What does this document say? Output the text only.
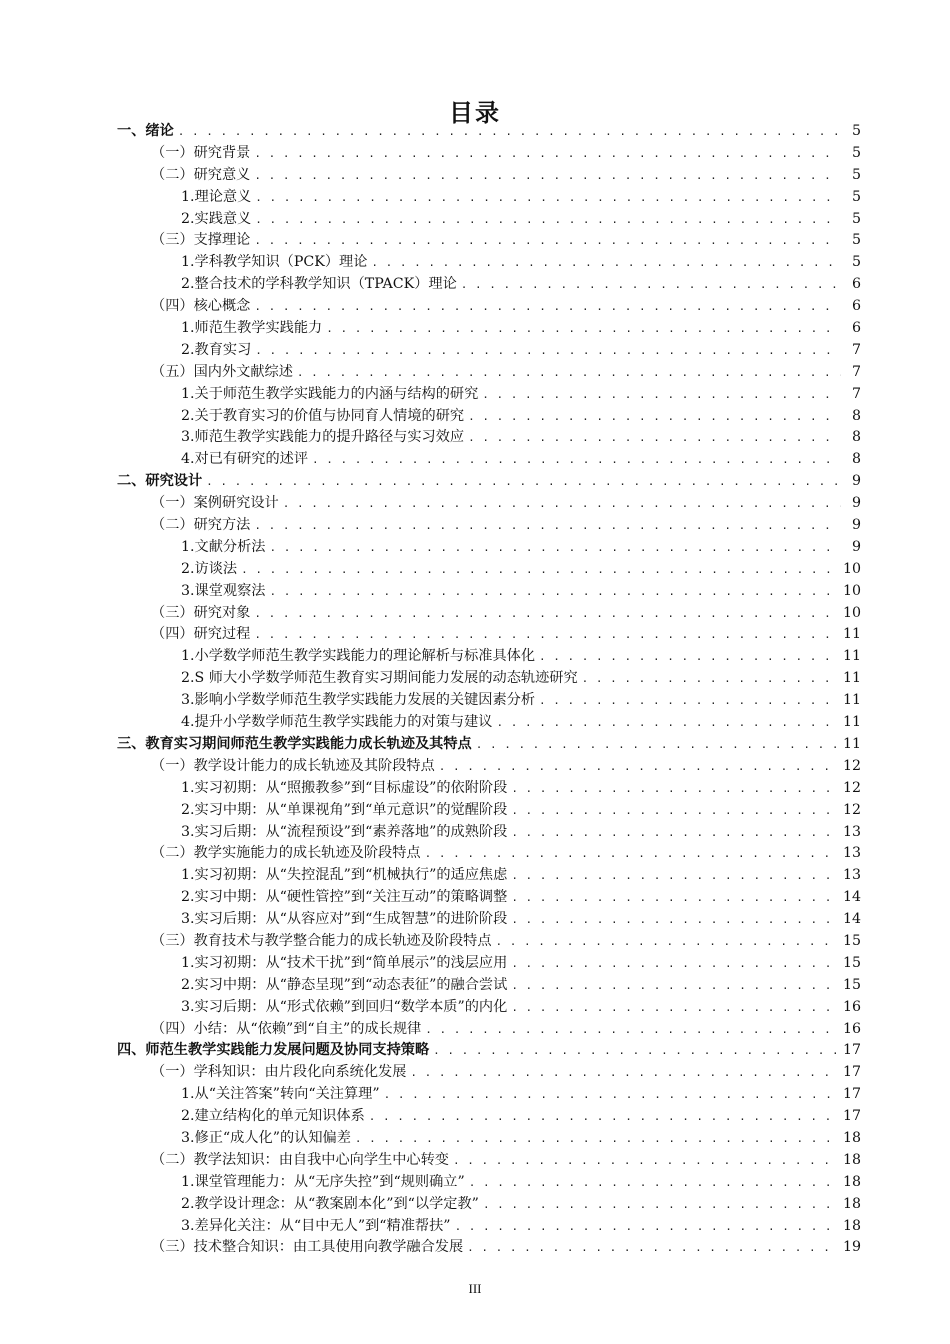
目录
一、绪论 . . .	5
（一）研究背景 . . .	5
（二）研究意义 . . .	5
1.理论意义 . . .	5
2.实践意义 . . .	5
（三）支撑理论 . . .	5
1.学科教学知识（PCK）理论 . . .	5
2.整合技术的学科教学知识（TPACK）理论 . . .	6
（四）核心概念 . . .	6
1.师范生教学实践能力 . . .	6
2.教育实习 . . .	7
（五）国内外文献综述 . . .	7
1.关于师范生教学实践能力的内涵与结构的研究 . . .	7
2.关于教育实习的价值与协同育人情境的研究 . . .	8
3.师范生教学实践能力的提升路径与实习效应 . . .	8
4.对已有研究的述评 . . .	8
二、研究设计 . . .	9
（一）案例研究设计 . . .	9
（二）研究方法 . . .	9
1.文献分析法 . . .	9
2.访谈法 . . .	10
3.课堂观察法 . . .	10
（三）研究对象 . . .	10
（四）研究过程 . . .	11
1.小学数学师范生教学实践能力的理论解析与标准具体化 . . .	11
2.S 师大小学数学师范生教育实习期间能力发展的动态轨迹研究 . . .	11
3.影响小学数学师范生教学实践能力发展的关键因素分析 . . .	11
4.提升小学数学师范生教学实践能力的对策与建议 . . .	11
三、教育实习期间师范生教学实践能力成长轨迹及其特点 . . .	11
（一）教学设计能力的成长轨迹及其阶段特点 . . .	12
1.实习初期：从“照搬教参”到“目标虚设”的依附阶段 . . .	12
2.实习中期：从“单课视角”到“单元意识”的觉醒阶段 . . .	12
3.实习后期：从“流程预设”到“素养落地”的成熟阶段 . . .	13
（二）教学实施能力的成长轨迹及阶段特点 . . .	13
1.实习初期：从“失控混乱”到“机械执行”的适应焦虑 . . .	13
2.实习中期：从“硬性管控”到“关注互动”的策略调整 . . .	14
3.实习后期：从“从容应对”到“生成智慧”的进阶阶段 . . .	14
（三）教育技术与教学整合能力的成长轨迹及阶段特点 . . .	15
1.实习初期：从“技术干扰”到“简单展示”的浅层应用 . . .	15
2.实习中期：从“静态呈现”到“动态表征”的融合尝试 . . .	15
3.实习后期：从“形式依赖”到回归“数学本质”的内化 . . .	16
（四）小结：从“依赖”到“自主”的成长规律 . . .	16
四、师范生教学实践能力发展问题及协同支持策略 . . .	17
（一）学科知识：由片段化向系统化发展 . . .	17
1.从“关注答案”转向“关注算理” . . .	17
2.建立结构化的单元知识体系 . . .	17
3.修正“成人化”的认知偏差 . . .	18
（二）教学法知识：由自我中心向学生中心转变 . . .	18
1.课堂管理能力：从“无序失控”到“规则确立” . . .	18
2.教学设计理念：从“教案剧本化”到“以学定教” . . .	18
3.差异化关注：从“目中无人”到“精准帮扶” . . .	18
（三）技术整合知识：由工具使用向教学融合发展 . . .	19
III
